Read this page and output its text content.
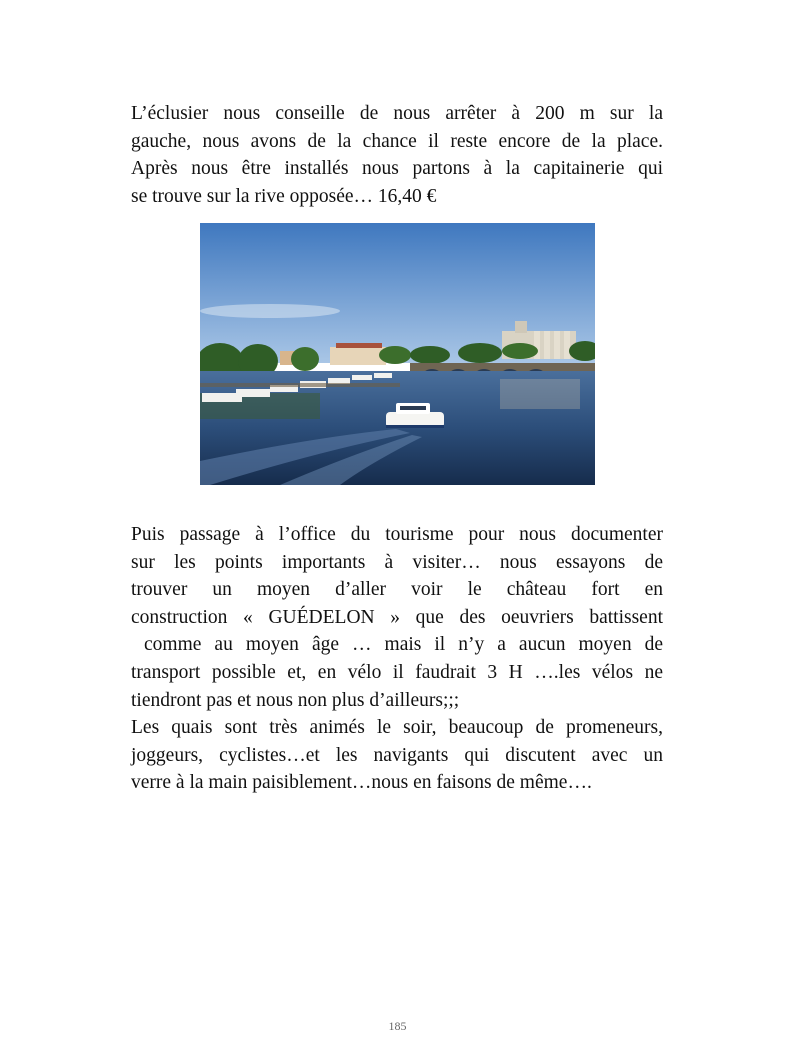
L’éclusier nous conseille de nous arrêter à 200 m sur la
gauche, nous avons de la chance il reste encore de la place.
Après nous être installés nous partons à la capitainerie qui
se trouve sur la rive opposée… 16,40 €
Puis passage à l’office du tourisme pour nous documenter
sur les points importants à visiter… nous essayons de
trouver un moyen d’aller voir le château fort en
construction « GUÉDELON » que des oeuvriers battissent
comme au moyen âge … mais il n’y a aucun moyen de
transport possible et, en vélo il faudrait 3 H ….les vélos ne
tiendront pas et nous non plus d’ailleurs;;;
Les quais sont très animés le soir, beaucoup de promeneurs,
joggeurs, cyclistes…et les navigants qui discutent avec un
verre à la main paisiblement…nous en faisons de même….
185
